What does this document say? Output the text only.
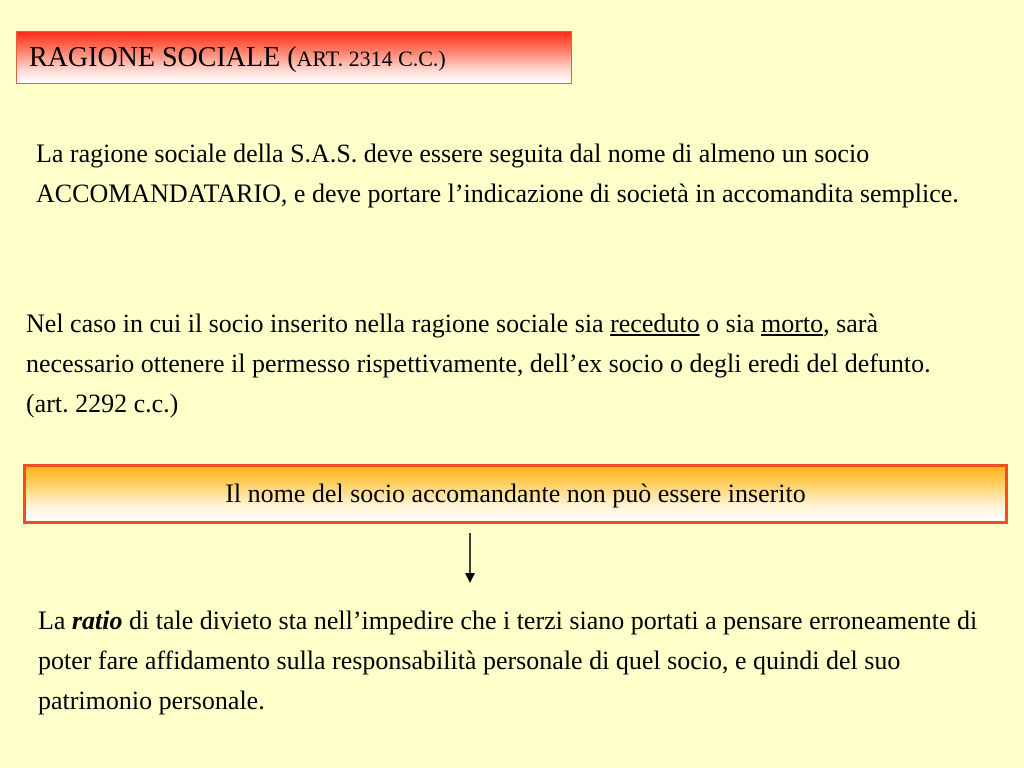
RAGIONE SOCIALE (ART. 2314 C.C.)

La ragione sociale della S.A.S. deve essere seguita dal nome di almeno un socio ACCOMANDATARIO, e deve portare l’indicazione di società in accomandita semplice.

Nel caso in cui il socio inserito nella ragione sociale sia receduto o sia morto, sarà necessario ottenere il permesso rispettivamente, dell’ex socio o degli eredi del defunto. (art. 2292 c.c.)

Il nome del socio accomandante non può essere inserito

La ratio di tale divieto sta nell’impedire che i terzi siano portati a pensare erroneamente di poter fare affidamento sulla responsabilità personale di quel socio, e quindi del suo patrimonio personale.
